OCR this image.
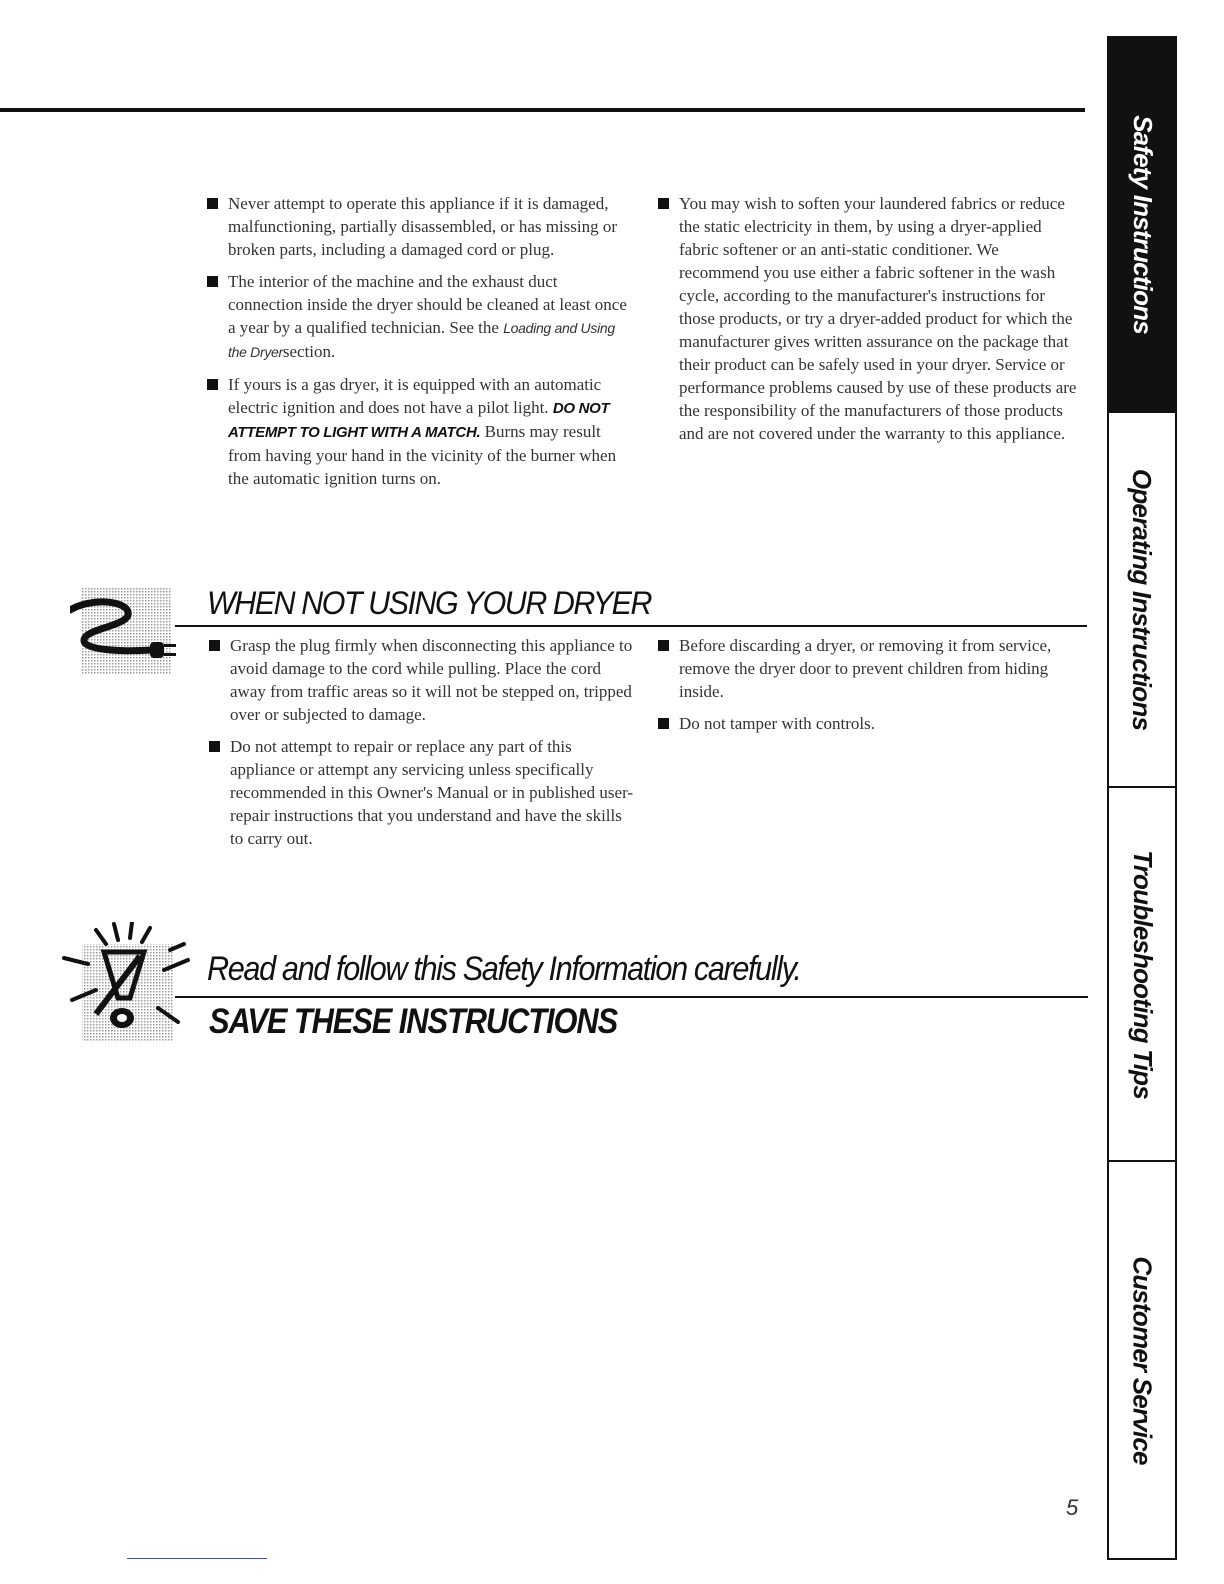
Never attempt to operate this appliance if it is damaged, malfunctioning, partially disassembled, or has missing or broken parts, including a damaged cord or plug.
The interior of the machine and the exhaust duct connection inside the dryer should be cleaned at least once a year by a qualified technician. See the Loading and Using the Dryersection.
If yours is a gas dryer, it is equipped with an automatic electric ignition and does not have a pilot light. DO NOT ATTEMPT TO LIGHT WITH A MATCH. Burns may result from having your hand in the vicinity of the burner when the automatic ignition turns on.
You may wish to soften your laundered fabrics or reduce the static electricity in them, by using a dryer-applied fabric softener or an anti-static conditioner. We recommend you use either a fabric softener in the wash cycle, according to the manufacturer's instructions for those products, or try a dryer-added product for which the manufacturer gives written assurance on the package that their product can be safely used in your dryer. Service or performance problems caused by use of these products are the responsibility of the manufacturers of those products and are not covered under the warranty to this appliance.
WHEN NOT USING YOUR DRYER
Grasp the plug firmly when disconnecting this appliance to avoid damage to the cord while pulling. Place the cord away from traffic areas so it will not be stepped on, tripped over or subjected to damage.
Do not attempt to repair or replace any part of this appliance or attempt any servicing unless specifically recommended in this Owner's Manual or in published user-repair instructions that you understand and have the skills to carry out.
Before discarding a dryer, or removing it from service, remove the dryer door to prevent children from hiding inside.
Do not tamper with controls.
Read and follow this Safety Information carefully.
SAVE THESE INSTRUCTIONS
Safety Instructions
Operating Instructions
Troubleshooting Tips
Customer Service
5
